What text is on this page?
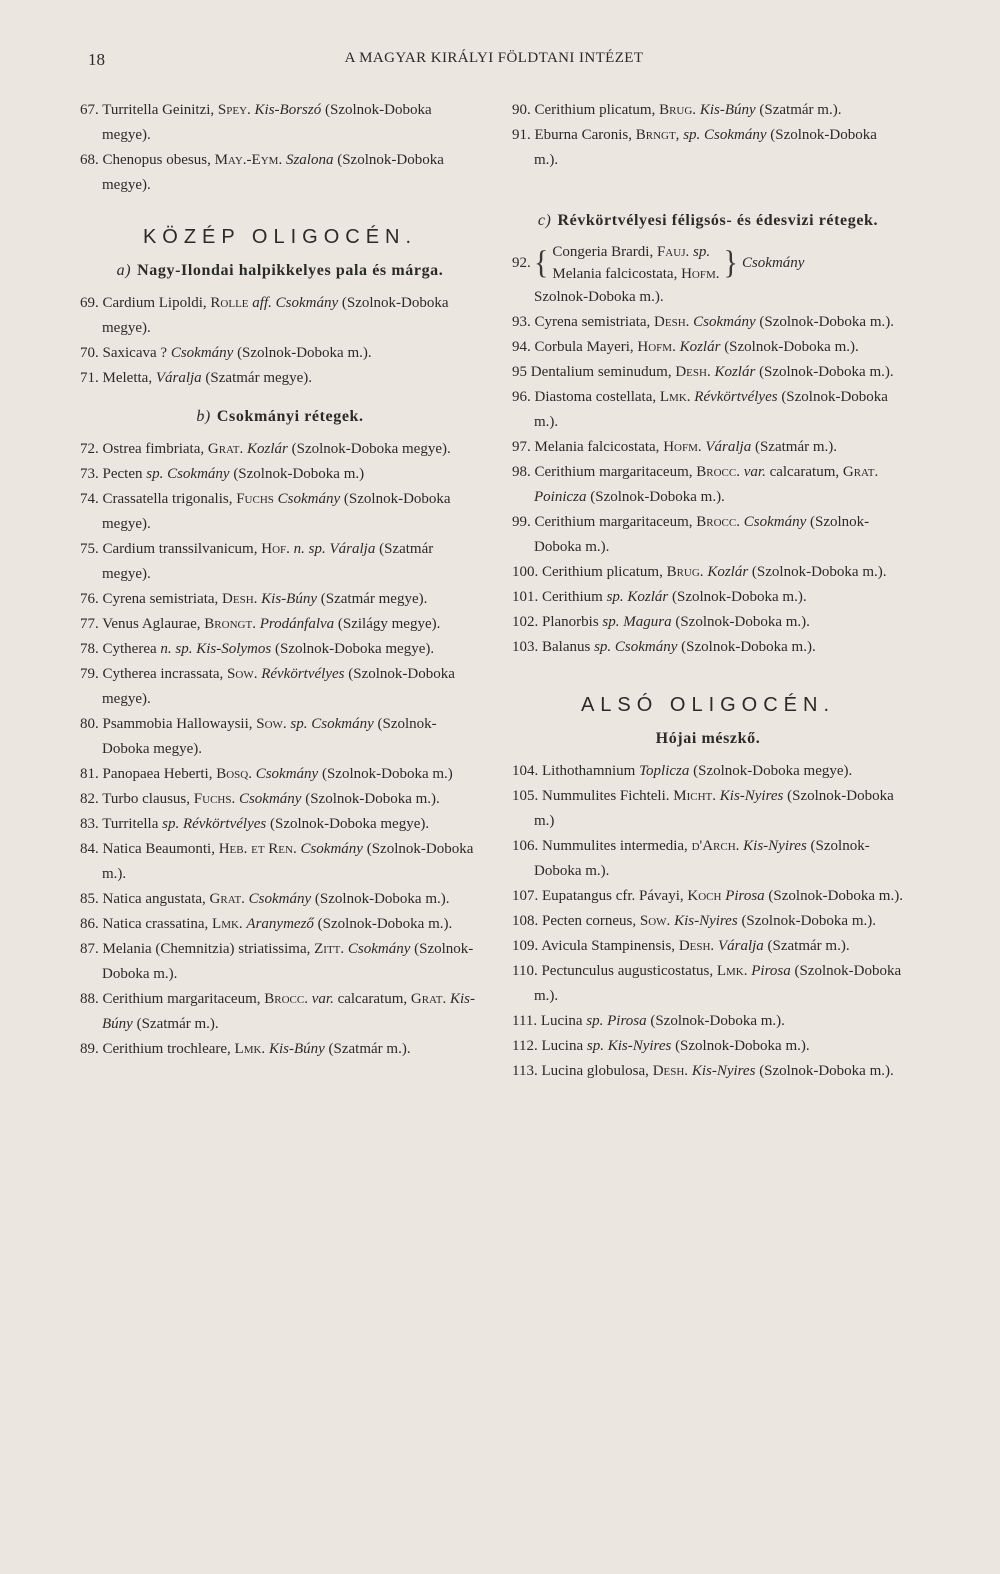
18	A MAGYAR KIRÁLYI FÖLDTANI INTÉZET

67. Turritella Geinitzi, Spey. Kis-Borszó (Szolnok-Doboka megye).

68. Chenopus obesus, May.-Eym. Szalona (Szolnok-Doboka megye).

KÖZÉP OLIGOCÉN.
a) Nagy-Ilondai halpikkelyes pala és márga.

69. Cardium Lipoldi, Rolle aff. Csokmány (Szolnok-Doboka megye).

70. Saxicava ? Csokmány (Szolnok-Doboka m.).

71. Meletta, Váralja (Szatmár megye).

b) Csokmányi rétegek.

72. Ostrea fimbriata, Grat. Kozlár (Szolnok-Doboka megye).

73. Pecten sp. Csokmány (Szolnok-Doboka m.)

74. Crassatella trigonalis, Fuchs Csokmány (Szolnok-Doboka megye).

75. Cardium transsilvanicum, Hof. n. sp. Váralja (Szatmár megye).

76. Cyrena semistriata, Desh. Kis-Búny (Szatmár megye).

77. Venus Aglaurae, Brongt. Prodánfalva (Szilágy megye).

78. Cytherea n. sp. Kis-Solymos (Szolnok-Doboka megye).

79. Cytherea incrassata, Sow. Révkörtvélyes (Szolnok-Doboka megye).

80. Psammobia Hallowaysii, Sow. sp. Csokmány (Szolnok-Doboka megye).

81. Panopaea Heberti, Bosq. Csokmány (Szolnok-Doboka m.)

82. Turbo clausus, Fuchs. Csokmány (Szolnok-Doboka m.).

83. Turritella sp. Révkörtvélyes (Szolnok-Doboka megye).

84. Natica Beaumonti, Heb. et Ren. Csokmány (Szolnok-Doboka m.).

85. Natica angustata, Grat. Csokmány (Szolnok-Doboka m.).

86. Natica crassatina, Lmk. Aranymező (Szolnok-Doboka m.).

87. Melania (Chemnitzia) striatissima, Zitt. Csokmány (Szolnok-Doboka m.).

88. Cerithium margaritaceum, Brocc. var. calcaratum, Grat. Kis-Búny (Szatmár m.).

89. Cerithium trochleare, Lmk. Kis-Búny (Szatmár m.).

90. Cerithium plicatum, Brug. Kis-Búny (Szatmár m.).

91. Eburna Caronis, Brngt, sp. Csokmány (Szolnok-Doboka m.).

c) Révkörtvélyesi féligsós- és édesvizi rétegek.
92. { Congeria Brardi, Fauj. sp.
Melania falcicostata, Hofm. } Csokmány

Szolnok-Doboka m.).

93. Cyrena semistriata, Desh. Csokmány (Szolnok-Doboka m.).

94. Corbula Mayeri, Hofm. Kozlár (Szolnok-Doboka m.).

95 Dentalium seminudum, Desh. Kozlár (Szolnok-Doboka m.).

96. Diastoma costellata, Lmk. Révkörtvélyes (Szolnok-Doboka m.).

97. Melania falcicostata, Hofm. Váralja (Szatmár m.).

98. Cerithium margaritaceum, Brocc. var. calcaratum, Grat. Poinicza (Szolnok-Doboka m.).

99. Cerithium margaritaceum, Brocc. Csokmány (Szolnok-Doboka m.).

100. Cerithium plicatum, Brug. Kozlár (Szolnok-Doboka m.).

101. Cerithium sp. Kozlár (Szolnok-Doboka m.).

102. Planorbis sp. Magura (Szolnok-Doboka m.).

103. Balanus sp. Csokmány (Szolnok-Doboka m.).

ALSÓ OLIGOCÉN.
Hójai mészkő.

104. Lithothamnium Toplicza (Szolnok-Doboka megye).

105. Nummulites Fichteli. Micht. Kis-Nyires (Szolnok-Doboka m.)

106. Nummulites intermedia, d'Arch. Kis-Nyires (Szolnok-Doboka m.).

107. Eupatangus cfr. Pávayi, Koch Pirosa (Szolnok-Doboka m.).

108. Pecten corneus, Sow. Kis-Nyires (Szolnok-Doboka m.).

109. Avicula Stampinensis, Desh. Váralja (Szatmár m.).

110. Pectunculus augusticostatus, Lmk. Pirosa (Szolnok-Doboka m.).

111. Lucina sp. Pirosa (Szolnok-Doboka m.).

112. Lucina sp. Kis-Nyires (Szolnok-Doboka m.).

113. Lucina globulosa, Desh. Kis-Nyires (Szolnok-Doboka m.).
